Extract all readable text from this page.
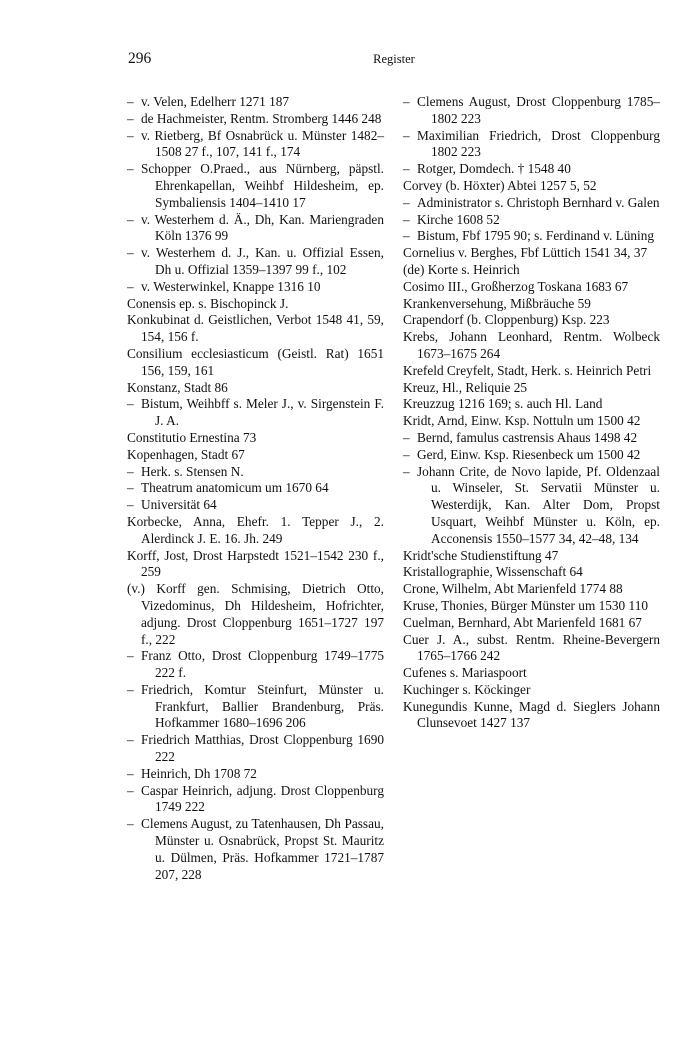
296	Register

– v. Velen, Edelherr 1271 187

– de Hachmeister, Rentm. Stromberg 1446 248

– v. Rietberg, Bf Osnabrück u. Münster 1482–1508 27 f., 107, 141 f., 174

– Schopper O.Praed., aus Nürnberg, päpstl. Ehrenkapellan, Weihbf Hildesheim, ep. Symbaliensis 1404–1410 17

– v. Westerhem d. Ä., Dh, Kan. Mariengraden Köln 1376 99

– v. Westerhem d. J., Kan. u. Offizial Essen, Dh u. Offizial 1359–1397 99 f., 102

– v. Westerwinkel, Knappe 1316 10

Conensis ep. s. Bischopinck J.

Konkubinat d. Geistlichen, Verbot 1548 41, 59, 154, 156 f.

Consilium ecclesiasticum (Geistl. Rat) 1651 156, 159, 161

Konstanz, Stadt 86

– Bistum, Weihbff s. Meler J., v. Sirgenstein F. J. A.

Constitutio Ernestina 73

Kopenhagen, Stadt 67

– Herk. s. Stensen N.

– Theatrum anatomicum um 1670 64

– Universität 64

Korbecke, Anna, Ehefr. 1. Tepper J., 2. Alerdinck J. E. 16. Jh. 249

Korff, Jost, Drost Harpstedt 1521–1542 230 f., 259

(v.) Korff gen. Schmising, Dietrich Otto, Vizedominus, Dh Hildesheim, Hofrichter, adjung. Drost Cloppenburg 1651–1727 197 f., 222

– Franz Otto, Drost Cloppenburg 1749–1775 222 f.

– Friedrich, Komtur Steinfurt, Münster u. Frankfurt, Ballier Brandenburg, Präs. Hofkammer 1680–1696 206

– Friedrich Matthias, Drost Cloppenburg 1690 222

– Heinrich, Dh 1708 72

– Caspar Heinrich, adjung. Drost Cloppenburg 1749 222

– Clemens August, zu Tatenhausen, Dh Passau, Münster u. Osnabrück, Propst St. Mauritz u. Dülmen, Präs. Hofkammer 1721–1787 207, 228

– Clemens August, Drost Cloppenburg 1785–1802 223

– Maximilian Friedrich, Drost Cloppenburg 1802 223

– Rotger, Domdech. † 1548 40

Corvey (b. Höxter) Abtei 1257 5, 52

– Administrator s. Christoph Bernhard v. Galen

– Kirche 1608 52

– Bistum, Fbf 1795 90; s. Ferdinand v. Lüning

Cornelius v. Berghes, Fbf Lüttich 1541 34, 37

(de) Korte s. Heinrich

Cosimo III., Großherzog Toskana 1683 67

Krankenversehung, Mißbräuche 59

Crapendorf (b. Cloppenburg) Ksp. 223

Krebs, Johann Leonhard, Rentm. Wolbeck 1673–1675 264

Krefeld Creyfelt, Stadt, Herk. s. Heinrich Petri

Kreuz, Hl., Reliquie 25

Kreuzzug 1216 169; s. auch Hl. Land

Kridt, Arnd, Einw. Ksp. Nottuln um 1500 42

– Bernd, famulus castrensis Ahaus 1498 42

– Gerd, Einw. Ksp. Riesenbeck um 1500 42

– Johann Crite, de Novo lapide, Pf. Oldenzaal u. Winseler, St. Servatii Münster u. Westerdijk, Kan. Alter Dom, Propst Usquart, Weihbf Münster u. Köln, ep. Acconensis 1550–1577 34, 42–48, 134

Kridt'sche Studienstiftung 47

Kristallographie, Wissenschaft 64

Crone, Wilhelm, Abt Marienfeld 1774 88

Kruse, Thonies, Bürger Münster um 1530 110

Cuelman, Bernhard, Abt Marienfeld 1681 67

Cuer J. A., subst. Rentm. Rheine-Bevergern 1765–1766 242

Cufenes s. Mariaspoort

Kuchinger s. Köckinger

Kunegundis Kunne, Magd d. Sieglers Johann Clunsevoet 1427 137
